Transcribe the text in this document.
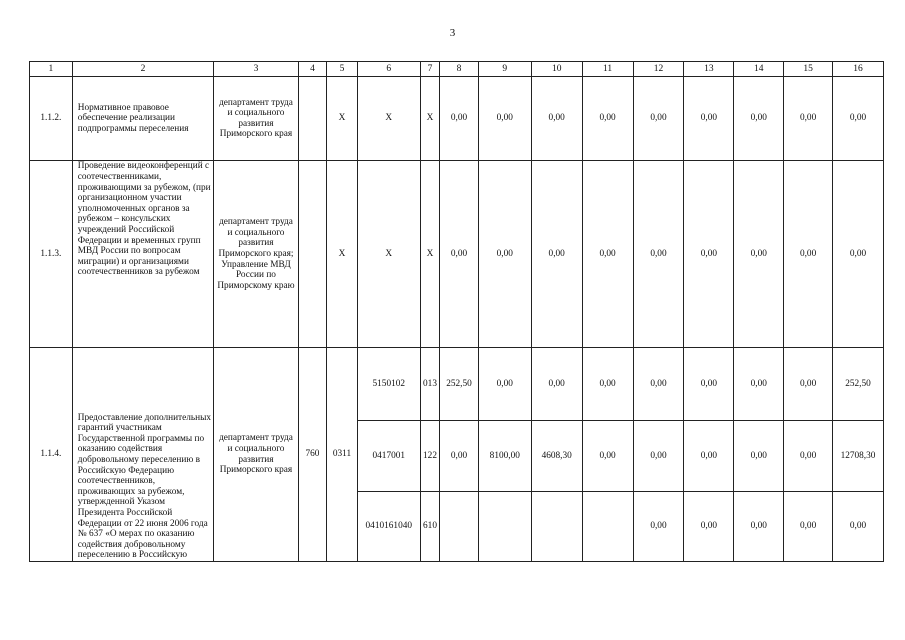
3
1	2	3	4	5	6	7	8	9	10	11	12	13	14	15	16
1.1.2.	Нормативное правовое обеспечение реализации подпрограммы переселения	департамент труда и социального развития Приморского края		X	X	X	0,00	0,00	0,00	0,00	0,00	0,00	0,00	0,00	0,00
1.1.3.	Проведение видеоконференций с соотечественниками, проживающими за рубежом, (при организационном участии уполномоченных органов за рубежом – консульских учреждений Российской Федерации и временных групп МВД России по вопросам миграции) и организациями соотечественников за рубежом	департамент труда и социального развития Приморского края; Управление МВД России по Приморскому краю		X	X	X	0,00	0,00	0,00	0,00	0,00	0,00	0,00	0,00	0,00
1.1.4.	Предоставление дополнительных гарантий участникам Государственной программы по оказанию содействия добровольному переселению в Российскую Федерацию соотечественников, проживающих за рубежом, утвержденной Указом Президента Российской Федерации от 22 июня 2006 года № 637 «О мерах по оказанию содействия добровольному переселению в Российскую	департамент труда и социального развития Приморского края	760	0311	5150102	013	252,50	0,00	0,00	0,00	0,00	0,00	0,00	0,00	252,50
					0417001	122	0,00	8100,00	4608,30	0,00	0,00	0,00	0,00	0,00	12708,30
					0410161040	610					0,00	0,00	0,00	0,00	0,00
